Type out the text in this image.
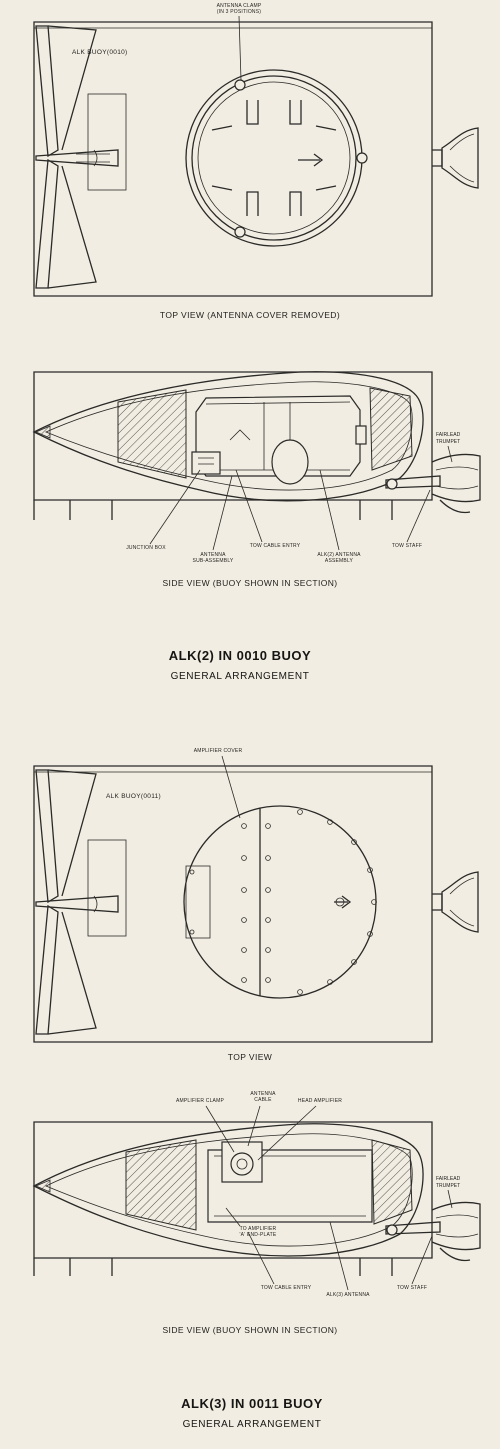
ALK BUOY(0010)
ANTENNA CLAMP
(IN 3 POSITIONS)
TOP VIEW (ANTENNA COVER REMOVED)
FAIRLEAD
TRUMPET
JUNCTION BOX
ANTENNA
SUB-ASSEMBLY
TOW CABLE ENTRY
ALK(2) ANTENNA
ASSEMBLY
TOW STAFF
SIDE VIEW (BUOY SHOWN IN SECTION)
ALK(2) IN 0010 BUOY
GENERAL ARRANGEMENT
ALK BUOY(0011)
AMPLIFIER COVER
TOP VIEW
AMPLIFIER CLAMP
ANTENNA
CABLE	HEAD AMPLIFIER
FAIRLEAD
TRUMPET
TO AMPLIFIER
'A' END-PLATE
TOW CABLE ENTRY
ALK(3) ANTENNA
TOW STAFF
SIDE VIEW (BUOY SHOWN IN SECTION)
ALK(3) IN 0011 BUOY
GENERAL ARRANGEMENT
